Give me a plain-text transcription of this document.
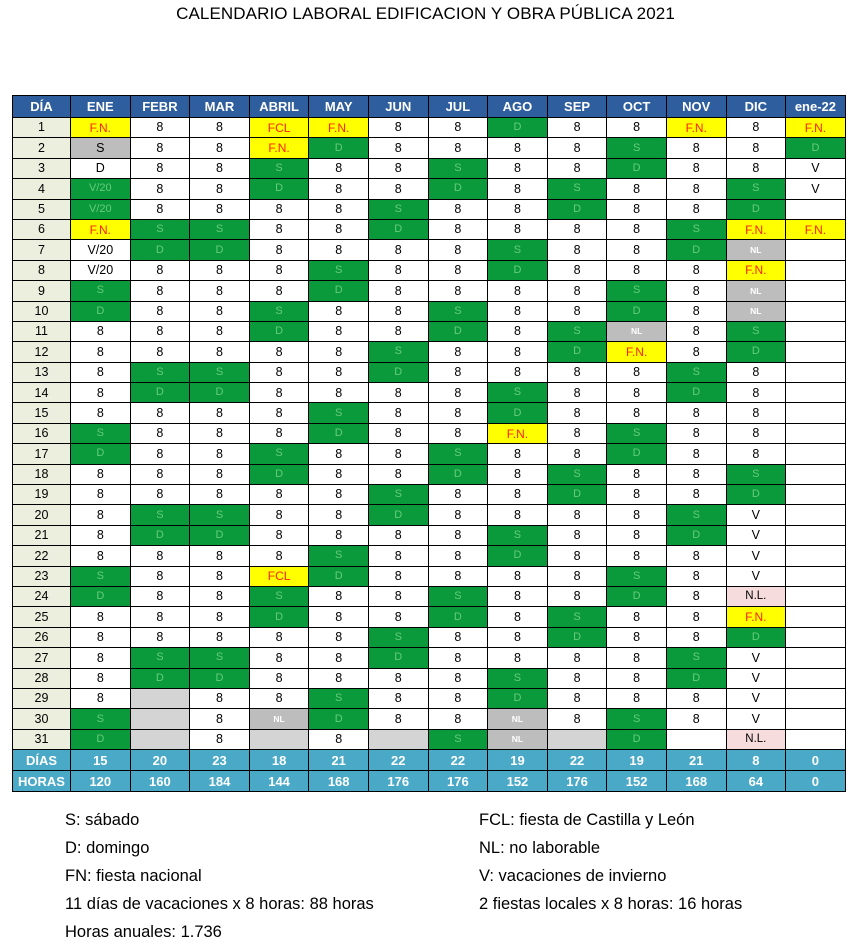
CALENDARIO LABORAL EDIFICACION Y OBRA PÚBLICA 2021
DÍA	ENE	FEBR	MAR	ABRIL	MAY	JUN	JUL	AGO	SEP	OCT	NOV	DIC	ene-22
1	F.N.	8	8	FCL	F.N.	8	8	D	8	8	F.N.	8	F.N.
2	S	8	8	F.N.	D	8	8	8	8	S	8	8	D
3	D	8	8	S	8	8	S	8	8	D	8	8	V
4	V/20	8	8	D	8	8	D	8	S	8	8	S	V
5	V/20	8	8	8	8	S	8	8	D	8	8	D	
6	F.N.	S	S	8	8	D	8	8	8	8	S	F.N.	F.N.
7	V/20	D	D	8	8	8	8	S	8	8	D	NL	
8	V/20	8	8	8	S	8	8	D	8	8	8	F.N.	
9	S	8	8	8	D	8	8	8	8	S	8	NL	
10	D	8	8	S	8	8	S	8	8	D	8	NL	
11	8	8	8	D	8	8	D	8	S	NL	8	S	
12	8	8	8	8	8	S	8	8	D	F.N.	8	D	
13	8	S	S	8	8	D	8	8	8	8	S	8	
14	8	D	D	8	8	8	8	S	8	8	D	8	
15	8	8	8	8	S	8	8	D	8	8	8	8	
16	S	8	8	8	D	8	8	F.N.	8	S	8	8	
17	D	8	8	S	8	8	S	8	8	D	8	8	
18	8	8	8	D	8	8	D	8	S	8	8	S	
19	8	8	8	8	8	S	8	8	D	8	8	D	
20	8	S	S	8	8	D	8	8	8	8	S	V	
21	8	D	D	8	8	8	8	S	8	8	D	V	
22	8	8	8	8	S	8	8	D	8	8	8	V	
23	S	8	8	FCL	D	8	8	8	8	S	8	V	
24	D	8	8	S	8	8	S	8	8	D	8	N.L.	
25	8	8	8	D	8	8	D	8	S	8	8	F.N.	
26	8	8	8	8	8	S	8	8	D	8	8	D	
27	8	S	S	8	8	D	8	8	8	8	S	V	
28	8	D	D	8	8	8	8	S	8	8	D	V	
29	8		8	8	S	8	8	D	8	8	8	V	
30	S		8	NL	D	8	8	NL	8	S	8	V	
31	D		8		8		S	NL		D		N.L.	
DÍAS	15	20	23	18	21	22	22	19	22	19	21	8	0
HORAS	120	160	184	144	168	176	176	152	176	152	168	64	0
S: sábado
D: domingo
FN: fiesta nacional
11 días de vacaciones x 8 horas: 88 horas
Horas anuales: 1.736
FCL: fiesta de Castilla y León
NL: no laborable
V: vacaciones de invierno
2 fiestas locales x 8 horas: 16 horas
